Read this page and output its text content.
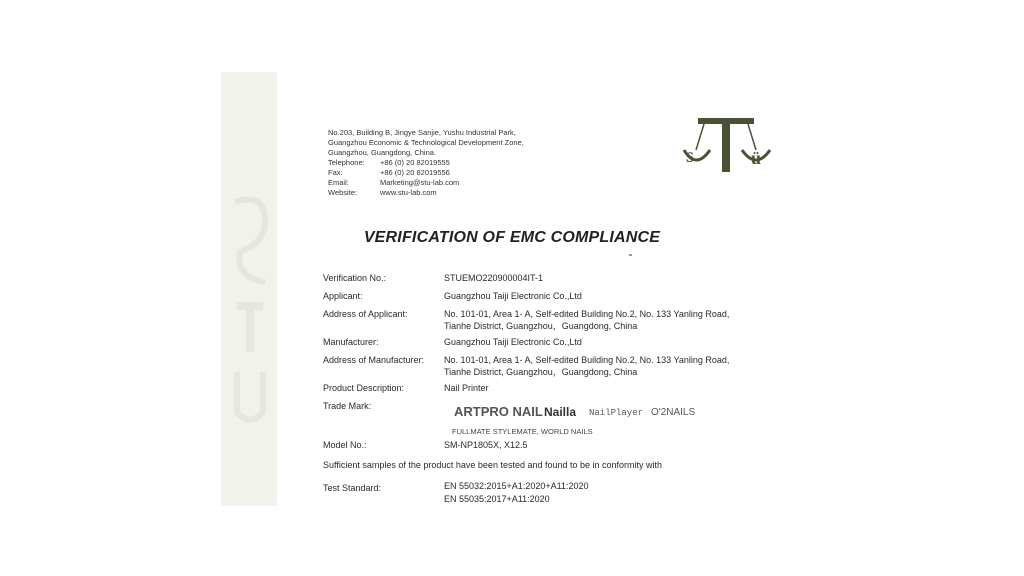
No.203, Building B, Jingye Sanjie, Yushu Industrial Park,
Guangzhou Economic & Technological Development Zone,
Guangzhou, Guangdong, China.
Telephone: +86 (0) 20 82019555
Fax:	+86 (0) 20 82019556
Email:	Marketing@stu-lab.com
Website:	www.stu-lab.com
s	ü
VERIFICATION OF EMC COMPLIANCE
Verification No.:	STUEMO220900004IT-1
Applicant:	Guangzhou Taiji Electronic Co.,Ltd
Address of Applicant:	No. 101-01, Area 1- A, Self-edited Building No.2, No. 133 Yanling Road,
Tianhe District, Guangzhou，Guangdong, China
Manufacturer:	Guangzhou Taiji Electronic Co.,Ltd
Address of Manufacturer:	No. 101-01, Area 1- A, Self-edited Building No.2, No. 133 Yanling Road,
Tianhe District, Guangzhou，Guangdong, China
Product Description:	Nail Printer
Trade Mark:	ARTPRO NAIL Nailla NailPlayer O'2NAILS
FULLMATE STYLEMATE, WORLD NAILS
Model No.:	SM-NP1805X, X12.5
Sufficient samples of the product have been tested and found to be in conformity with
Test Standard:	EN 55032:2015+A1:2020+A11:2020
EN 55035:2017+A11:2020
